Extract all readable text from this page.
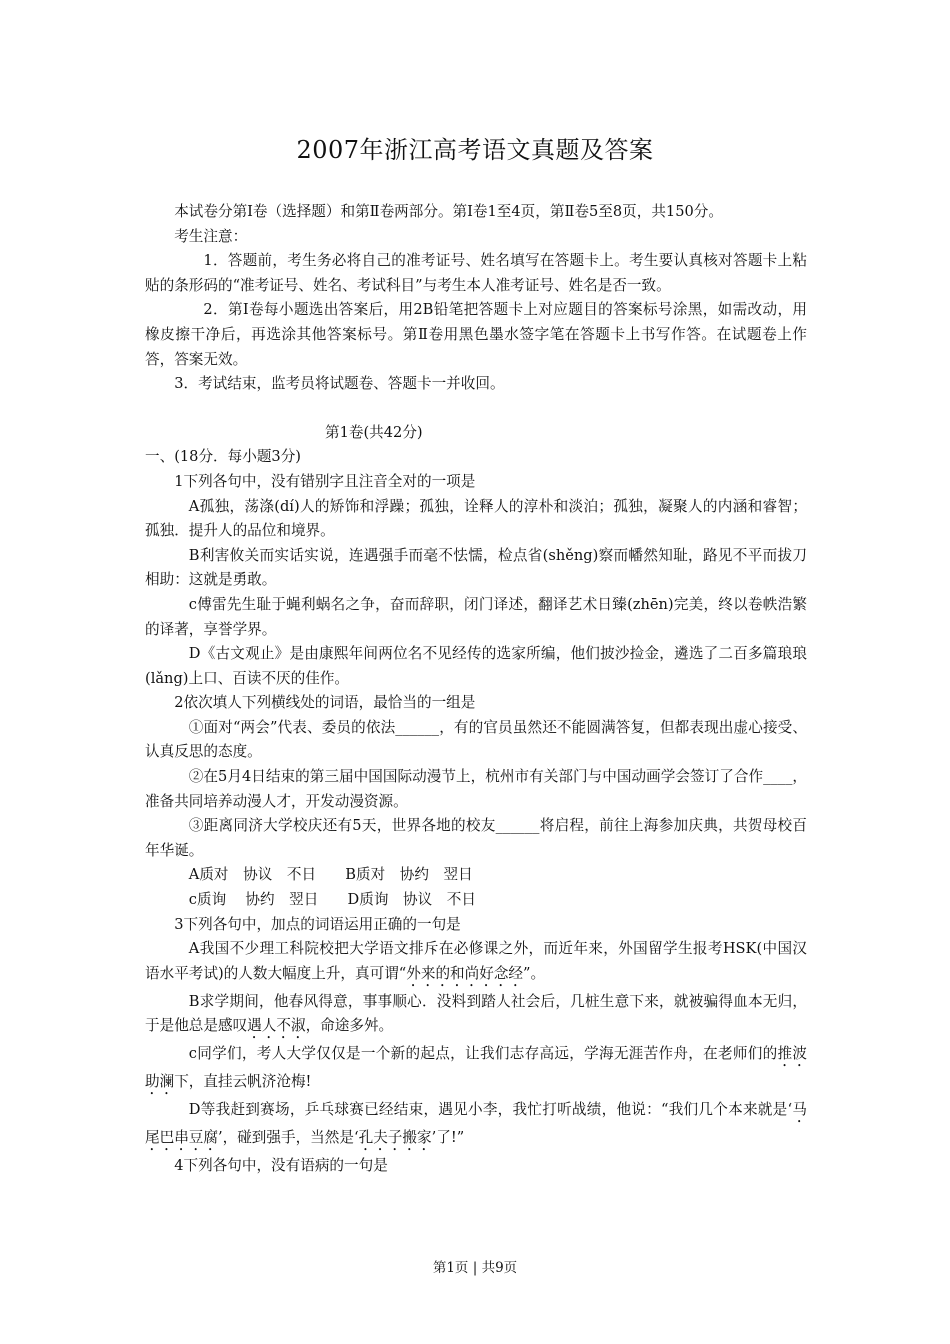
2007年浙江高考语文真题及答案

本试卷分第Ⅰ卷（选择题）和第Ⅱ卷两部分。第Ⅰ卷1至4页，第Ⅱ卷5至8页，共150分。

考生注意：

1．答题前，考生务必将自己的准考证号、姓名填写在答题卡上。考生要认真核对答题卡上粘贴的条形码的“准考证号、姓名、考试科目”与考生本人准考证号、姓名是否一致。

2．第Ⅰ卷每小题选出答案后，用2B铅笔把答题卡上对应题目的答案标号涂黑，如需改动，用橡皮擦干净后，再选涂其他答案标号。第Ⅱ卷用黑色墨水签字笔在答题卡上书写作答。在试题卷上作答，答案无效。

3．考试结束，监考员将试题卷、答题卡一并收回。

第1卷(共42分)

一、(18分．每小题3分)

1下列各句中，没有错别字且注音全对的一项是

A孤独，荡涤(dí)人的矫饰和浮躁；孤独，诠释人的淳朴和淡泊；孤独，凝聚人的内涵和睿智；孤独．提升人的品位和境界。

B利害攸关而实话实说，连遇强手而毫不怯懦，检点省(shěng)察而幡然知耻，路见不平而拔刀相助：这就是勇敢。

c傅雷先生耻于蝇利蜗名之争，奋而辞职，闭门译述，翻译艺术日臻(zhēn)完美，终以卷帙浩繁的译著，享誉学界。

D《古文观止》是由康熙年间两位名不见经传的选家所编，他们披沙捡金，遴选了二百多篇琅琅(lǎng)上口、百读不厌的佳作。

2依次填人下列横线处的词语，最恰当的一组是

①面对“两会”代表、委员的依法______，有的官员虽然还不能圆满答复，但都表现出虚心接受、认真反思的态度。

②在5月4日结束的第三届中国国际动漫节上，杭州市有关部门与中国动画学会签订了合作____，准备共同培养动漫人才，开发动漫资源。

③距离同济大学校庆还有5天，世界各地的校友______将启程，前往上海参加庆典，共贺母校百年华诞。

A质对　协议　不日　　B质对　协约　翌日

c质询　 协约　翌日　　D质询　协议　不日

3下列各句中，加点的词语运用正确的一句是

A我国不少理工科院校把大学语文排斥在必修课之外，而近年来，外国留学生报考HSK(中国汉语水平考试)的人数大幅度上升，真可谓“外来的和尚好念经”。

B求学期间，他春风得意，事事顺心．没料到踏人社会后，几桩生意下来，就被骗得血本无归，于是他总是感叹遇人不淑，命途多舛。

c同学们，考人大学仅仅是一个新的起点，让我们志存高远，学海无涯苦作舟，在老师们的推波助澜下，直挂云帆济沧梅!

D等我赶到赛场，乒乓球赛已经结束，遇见小李，我忙打听战绩，他说：“我们几个本来就是‘马尾巴串豆腐’，碰到强手，当然是‘孔夫子搬家’了!”

4下列各句中，没有语病的一句是

第1页 | 共9页
